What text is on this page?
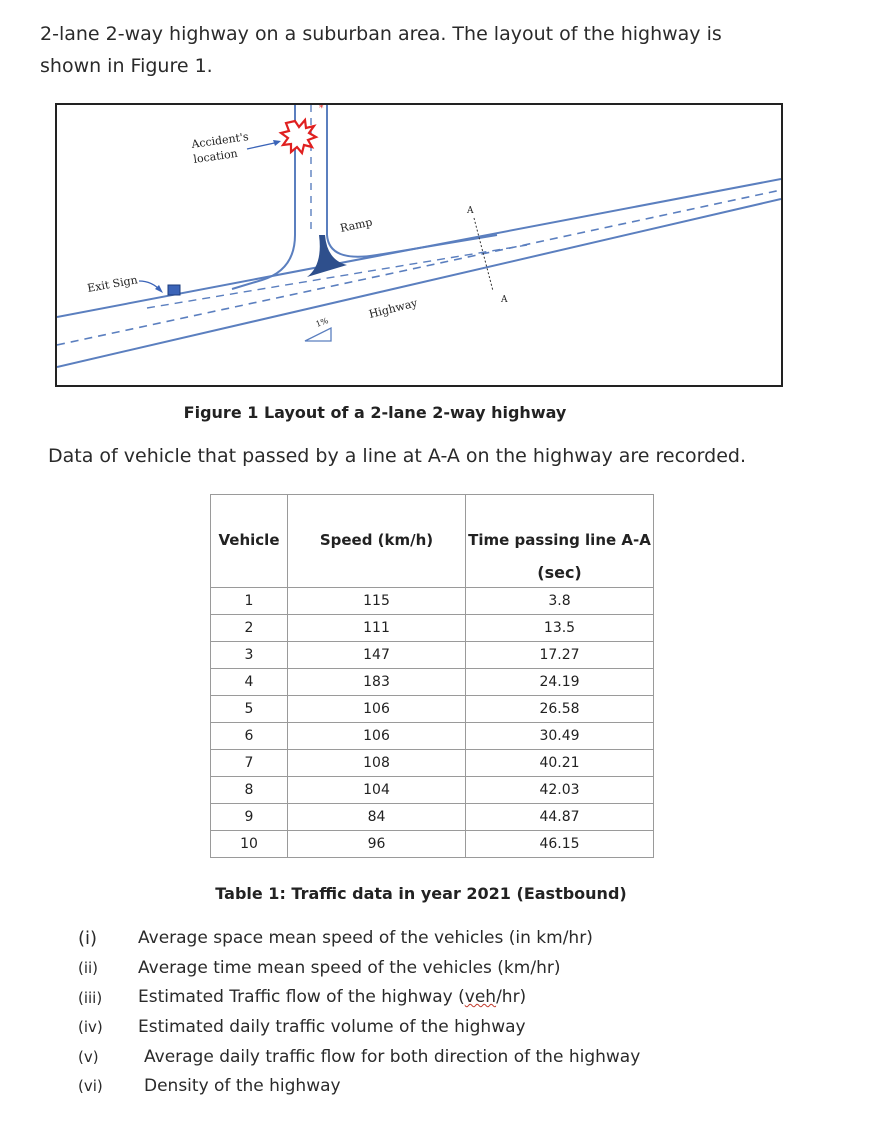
2-lane 2-way highway on a suburban area. The layout of the highway is
shown in Figure 1.
*
Accident's
location
Ramp
Exit Sign
Highway
1%
A
A
Figure 1 Layout of a 2-lane 2-way highway
Data of vehicle that passed by a line at A-A on the highway are recorded.
Vehicle	Speed (km/h)	Time passing line A-A
(sec)

1	115	3.8
2	111	13.5
3	147	17.27
4	183	24.19
5	106	26.58
6	106	30.49
7	108	40.21
8	104	42.03
9	84	44.87
10	96	46.15
Table 1: Traffic data in year 2021 (Eastbound)
(i)	Average space mean speed of the vehicles (in km/hr)
(ii)	Average time mean speed of the vehicles (km/hr)
(iii)	Estimated Traffic flow of the highway (veh/hr)
(iv)	Estimated daily traffic volume of the highway
(v)	Average daily traffic flow for both direction of the highway
(vi)	Density of the highway
